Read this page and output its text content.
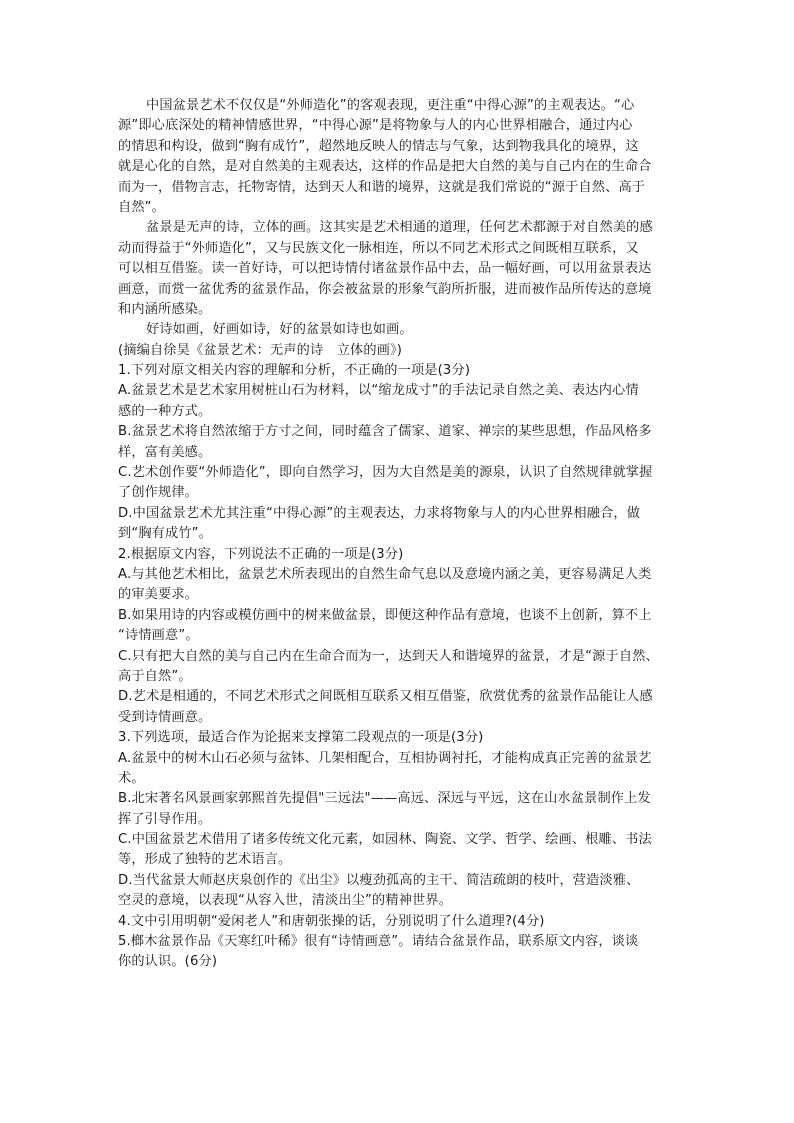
中国盆景艺术不仅仅是“外师造化”的客观表现，更注重“中得心源”的主观表达。“心
源”即心底深处的精神情感世界，“中得心源”是将物象与人的内心世界相融合，通过内心
的情思和构设，做到“胸有成竹”，超然地反映人的情志与气象，达到物我具化的境界，这
就是心化的自然，是对自然美的主观表达，这样的作品是把大自然的美与自己内在的生命合
而为一，借物言志，托物寄情，达到天人和谐的境界，这就是我们常说的“源于自然、高于
自然”。
盆景是无声的诗，立体的画。这其实是艺术相通的道理，任何艺术都源于对自然美的感
动而得益于“外师造化”，又与民族文化一脉相连，所以不同艺术形式之间既相互联系，又
可以相互借鉴。读一首好诗，可以把诗情付诸盆景作品中去，品一幅好画，可以用盆景表达
画意，而赏一盆优秀的盆景作品，你会被盆景的形象气韵所折服，进而被作品所传达的意境
和内涵所感染。
好诗如画，好画如诗，好的盆景如诗也如画。
(摘编自徐昊《盆景艺术：无声的诗　立体的画》)
1.下列对原文相关内容的理解和分析，不正确的一项是(3分)
A.盆景艺术是艺术家用树桩山石为材料，以“缩龙成寸”的手法记录自然之美、表达内心情
感的一种方式。
B.盆景艺术将自然浓缩于方寸之间，同时蕴含了儒家、道家、禅宗的某些思想，作品风格多
样，富有美感。
C.艺术创作要“外师造化”，即向自然学习，因为大自然是美的源泉，认识了自然规律就掌握
了创作规律。
D.中国盆景艺术尤其注重“中得心源”的主观表达，力求将物象与人的内心世界相融合，做
到“胸有成竹”。
2.根据原文内容，下列说法不正确的一项是(3分)
A.与其他艺术相比，盆景艺术所表现出的自然生命气息以及意境内涵之美，更容易满足人类
的审美要求。
B.如果用诗的内容或模仿画中的树来做盆景，即便这种作品有意境，也谈不上创新，算不上
“诗情画意”。
C.只有把大自然的美与自己内在生命合而为一，达到天人和谐境界的盆景，才是“源于自然、
高于自然”。
D.艺术是相通的，不同艺术形式之间既相互联系又相互借鉴，欣赏优秀的盆景作品能让人感
受到诗情画意。
3.下列选项，最适合作为论据来支撑第二段观点的一项是(3分)
A.盆景中的树木山石必须与盆钵、几架相配合，互相协调衬托，才能构成真正完善的盆景艺
术。
B.北宋著名风景画家郭熙首先提倡"三远法"——高远、深远与平远，这在山水盆景制作上发
挥了引导作用。
C.中国盆景艺术借用了诸多传统文化元素，如园林、陶瓷、文学、哲学、绘画、根雕、书法
等，形成了独特的艺术语言。
D.当代盆景大师赵庆泉创作的《出尘》以瘦劲孤高的主干、简洁疏朗的枝叶，营造淡雅、
空灵的意境，以表现“从容入世，清淡出尘”的精神世界。
4.文中引用明朝“爱闲老人”和唐朝张操的话，分别说明了什么道理?(4分)
5.榔木盆景作品《天寒红叶稀》很有“诗情画意”。请结合盆景作品，联系原文内容，谈谈
你的认识。(6分)
